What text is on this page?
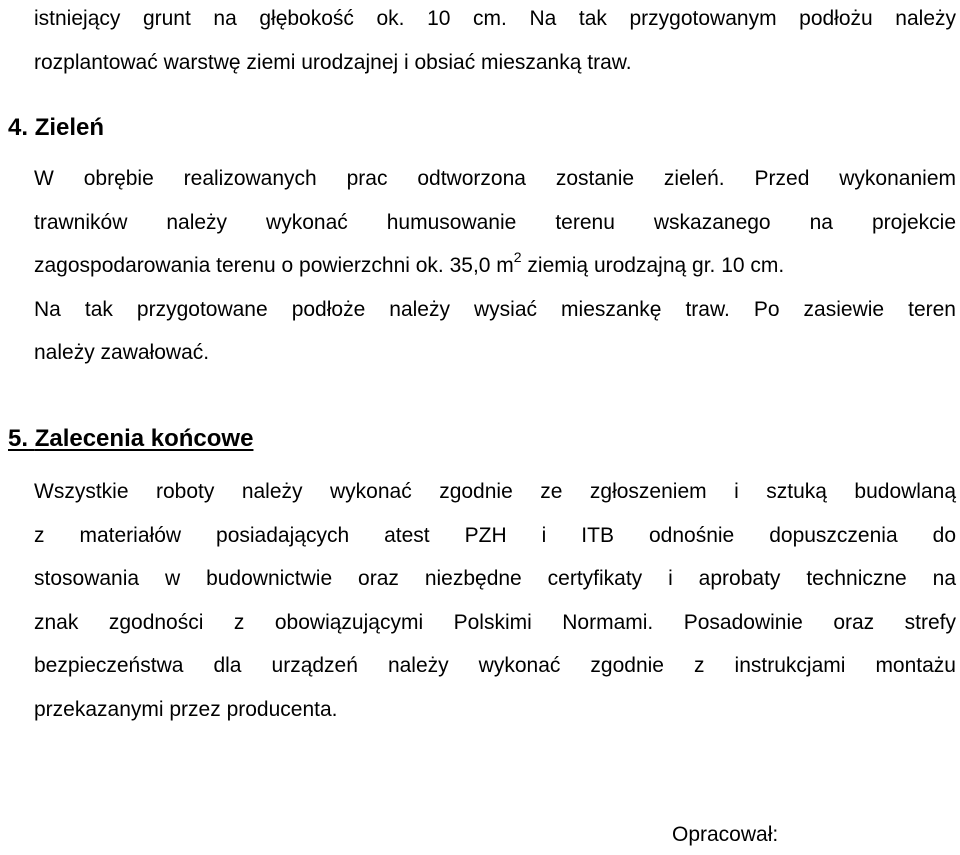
istniejący grunt na głębokość ok. 10 cm. Na tak przygotowanym podłożu należy
rozplantować warstwę ziemi urodzajnej i obsiać mieszanką traw.
4. Zieleń
W obrębie realizowanych prac odtworzona zostanie zieleń. Przed wykonaniem
trawników należy wykonać humusowanie terenu wskazanego na projekcie
zagospodarowania terenu o powierzchni ok. 35,0 $m^2$ ziemią urodzajną gr. 10 cm.
Na tak przygotowane podłoże należy wysiać mieszankę traw. Po zasiewie teren
należy zawałować.
5. Zalecenia końcowe
Wszystkie roboty należy wykonać zgodnie ze zgłoszeniem i sztuką budowlaną
z materiałów posiadających atest PZH i ITB odnośnie dopuszczenia do
stosowania w budownictwie oraz niezbędne certyfikaty i aprobaty techniczne na
znak zgodności z obowiązującymi Polskimi Normami. Posadowinie oraz strefy
bezpieczeństwa dla urządzeń należy wykonać zgodnie z instrukcjami montażu
przekazanymi przez producenta.

Opracował:
